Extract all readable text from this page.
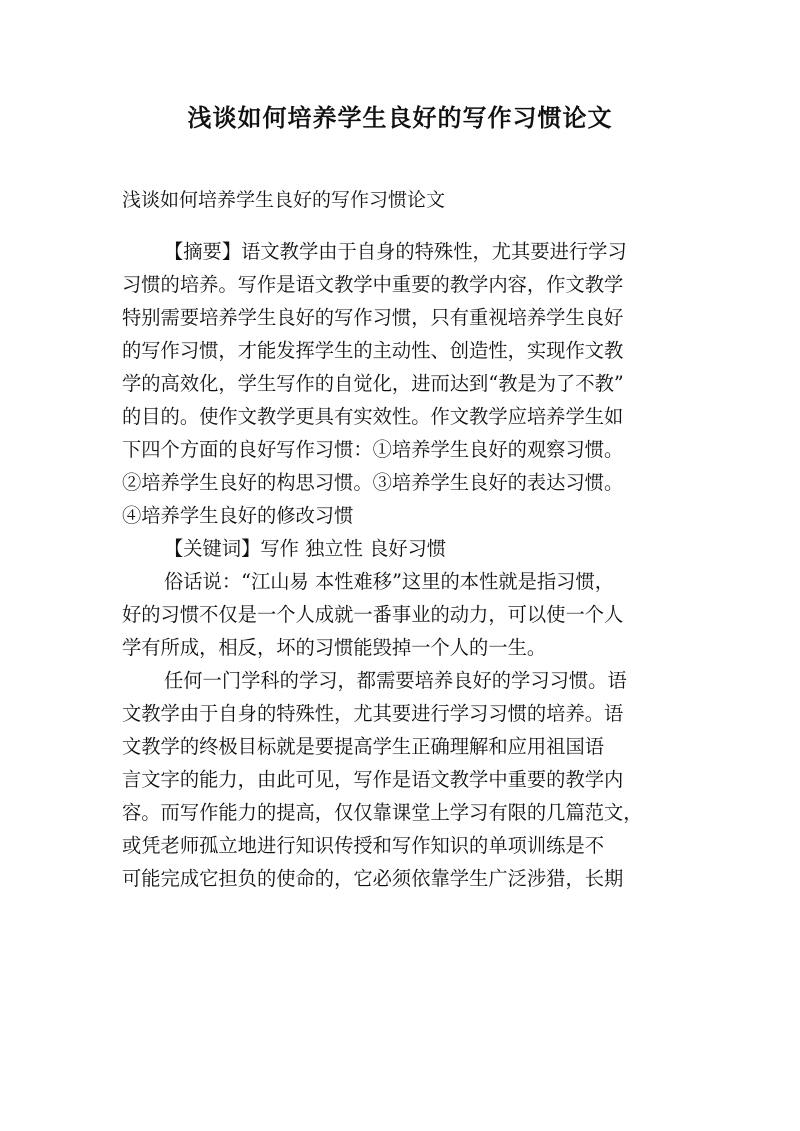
浅谈如何培养学生良好的写作习惯论文

浅谈如何培养学生良好的写作习惯论文

【摘要】语文教学由于自身的特殊性，尤其要进行学习
习惯的培养。写作是语文教学中重要的教学内容，作文教学
特别需要培养学生良好的写作习惯，只有重视培养学生良好
的写作习惯，才能发挥学生的主动性、创造性，实现作文教
学的高效化，学生写作的自觉化，进而达到“教是为了不教”
的目的。使作文教学更具有实效性。作文教学应培养学生如
下四个方面的良好写作习惯：①培养学生良好的观察习惯。
②培养学生良好的构思习惯。③培养学生良好的表达习惯。
④培养学生良好的修改习惯
【关键词】写作 独立性 良好习惯
俗话说：“江山易 本性难移”这里的本性就是指习惯，
好的习惯不仅是一个人成就一番事业的动力，可以使一个人
学有所成，相反，坏的习惯能毁掉一个人的一生。
任何一门学科的学习，都需要培养良好的学习习惯。语
文教学由于自身的特殊性，尤其要进行学习习惯的培养。语
文教学的终极目标就是要提高学生正确理解和应用祖国语
言文字的能力，由此可见，写作是语文教学中重要的教学内
容。而写作能力的提高，仅仅靠课堂上学习有限的几篇范文，
或凭老师孤立地进行知识传授和写作知识的单项训练是不
可能完成它担负的使命的，它必须依靠学生广泛涉猎，长期
